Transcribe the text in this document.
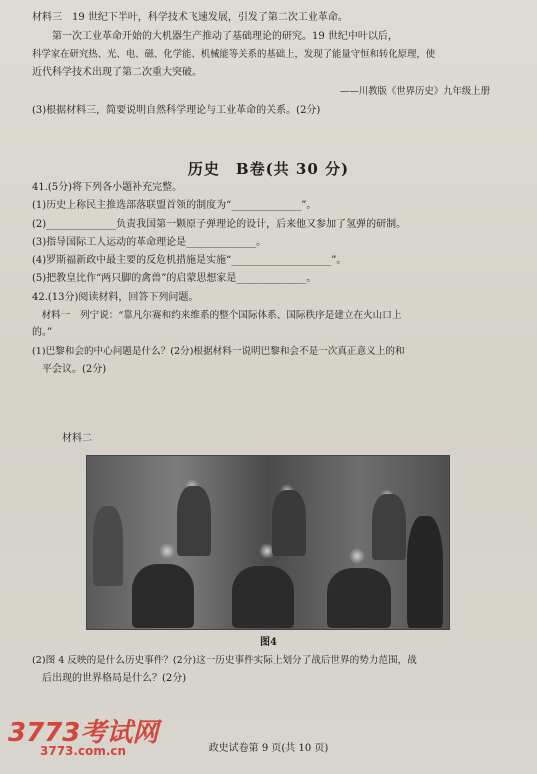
材料三　19 世纪下半叶，科学技术飞速发展，引发了第二次工业革命。
　　第一次工业革命开始的大机器生产推动了基础理论的研究。19 世纪中叶以后，
科学家在研究热、光、电、磁、化学能、机械能等关系的基础上，发现了能量守恒和转化原理，使
近代科学技术出现了第二次重大突破。
——川教版《世界历史》九年级上册
(3)根据材料三，简要说明自然科学理论与工业革命的关系。(2分)
历史　B卷(共 30 分)
41.(5分)将下列各小题补充完整。
(1)历史上称民主推选部落联盟首领的制度为“______________”。
(2)______________负责我国第一颗原子弹理论的设计，后来他又参加了氢弹的研制。
(3)指导国际工人运动的革命理论是______________。
(4)罗斯福新政中最主要的反危机措施是实施“____________________”。
(5)把教皇比作“两只脚的禽兽”的启蒙思想家是______________。
42.(13分)阅读材料，回答下列问题。
　材料一　列宁说：“靠凡尔赛和约来维系的整个国际体系、国际秩序是建立在火山口上
的。”
(1)巴黎和会的中心问题是什么？(2分)根据材料一说明巴黎和会不是一次真正意义上的和
　平会议。(2分)
材料二
图4
(2)图 4 反映的是什么历史事件？(2分)这一历史事件实际上划分了战后世界的势力范围，战
　后出现的世界格局是什么？(2分)
3773考试网
3773.com.cn	政史试卷第 9 页(共 10 页)
